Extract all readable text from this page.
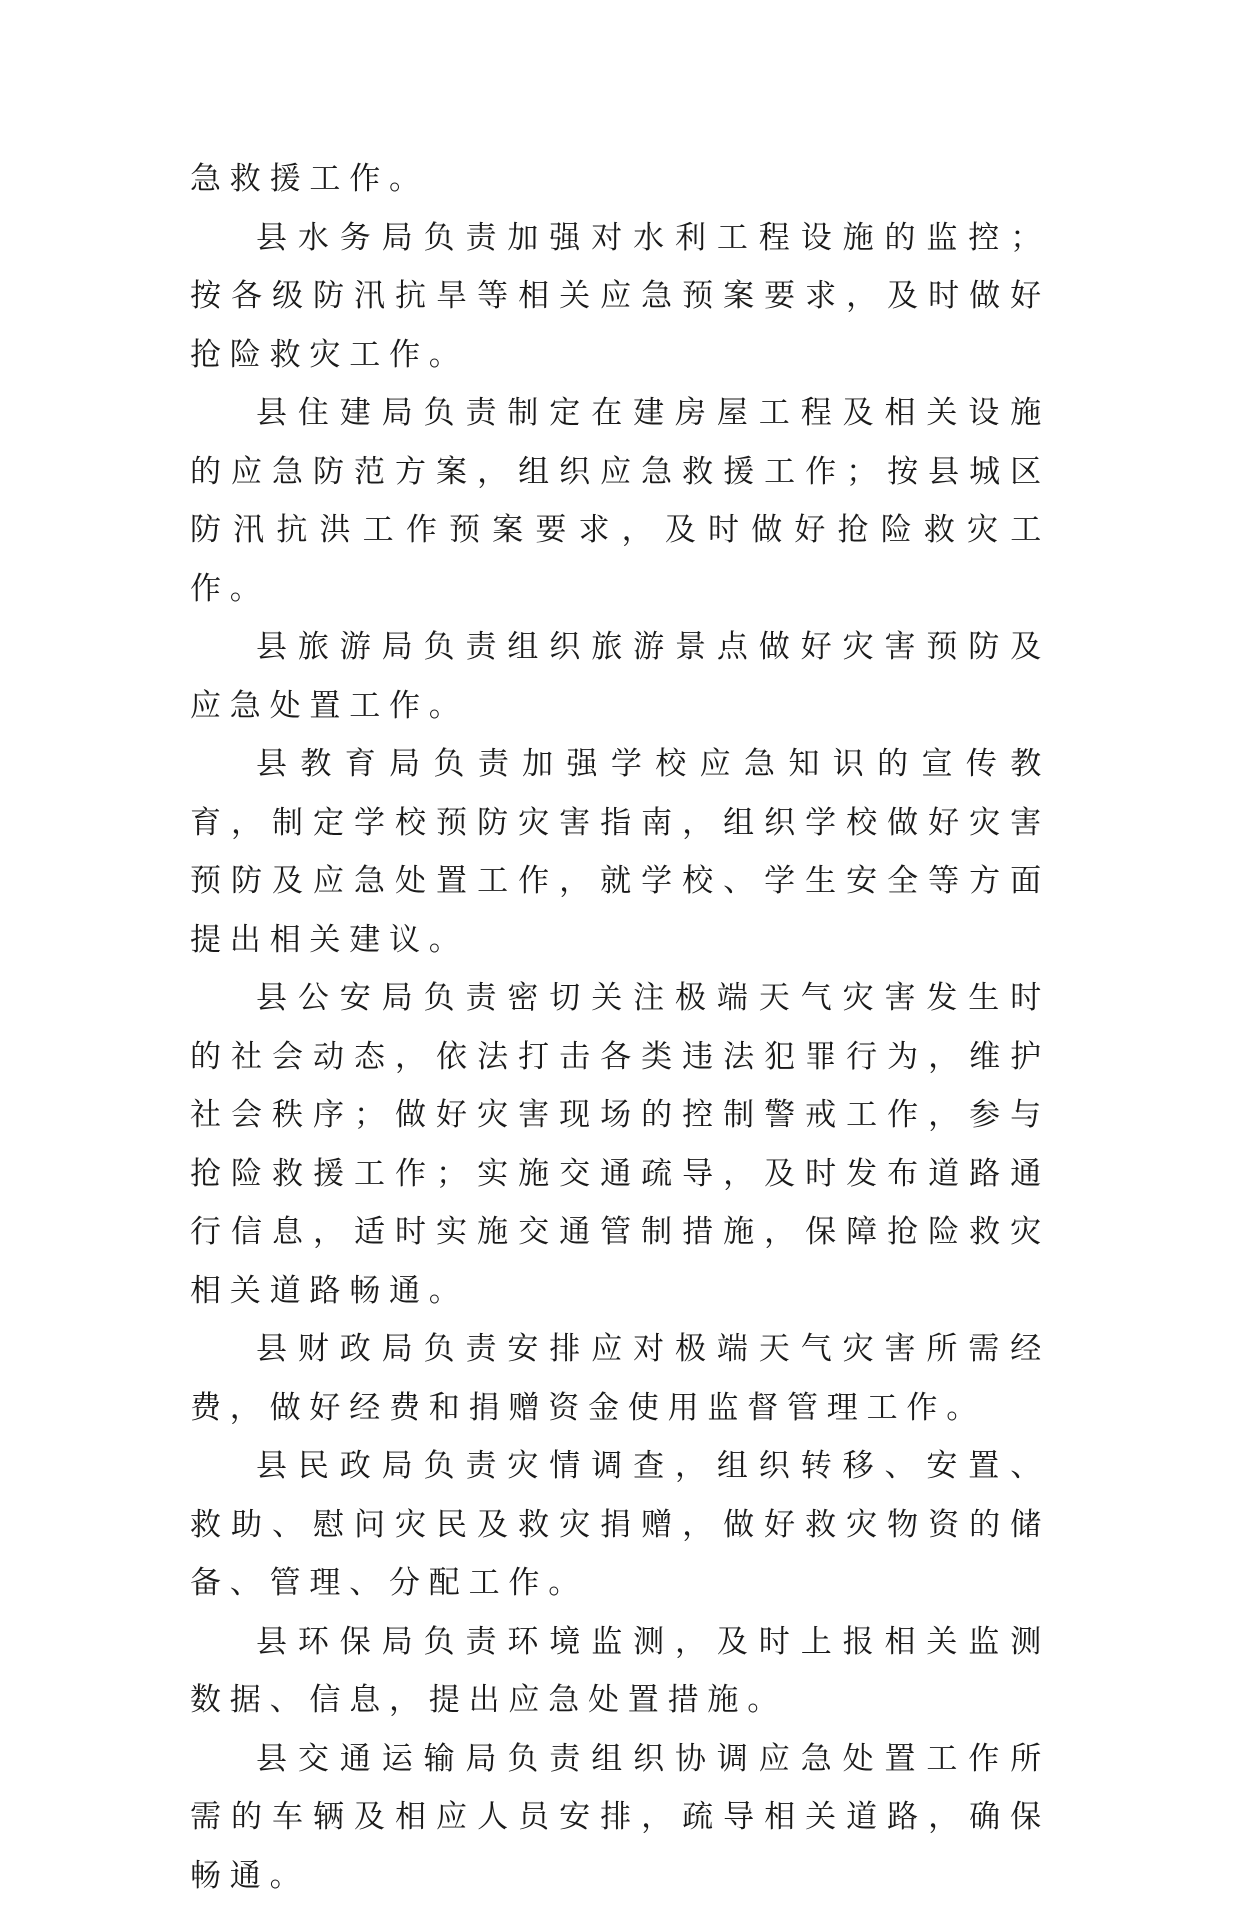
急救援工作。

县水务局负责加强对水利工程设施的监控；按各级防汛抗旱等相关应急预案要求，及时做好抢险救灾工作。

县住建局负责制定在建房屋工程及相关设施的应急防范方案，组织应急救援工作；按县城区防汛抗洪工作预案要求，及时做好抢险救灾工作。

县旅游局负责组织旅游景点做好灾害预防及应急处置工作。

县教育局负责加强学校应急知识的宣传教育，制定学校预防灾害指南，组织学校做好灾害预防及应急处置工作，就学校、学生安全等方面提出相关建议。

县公安局负责密切关注极端天气灾害发生时的社会动态，依法打击各类违法犯罪行为，维护社会秩序；做好灾害现场的控制警戒工作，参与抢险救援工作；实施交通疏导，及时发布道路通行信息，适时实施交通管制措施，保障抢险救灾相关道路畅通。

县财政局负责安排应对极端天气灾害所需经费，做好经费和捐赠资金使用监督管理工作。

县民政局负责灾情调查，组织转移、安置、救助、慰问灾民及救灾捐赠，做好救灾物资的储备、管理、分配工作。

县环保局负责环境监测，及时上报相关监测数据、信息，提出应急处置措施。

县交通运输局负责组织协调应急处置工作所需的车辆及相应人员安排，疏导相关道路，确保畅通。
